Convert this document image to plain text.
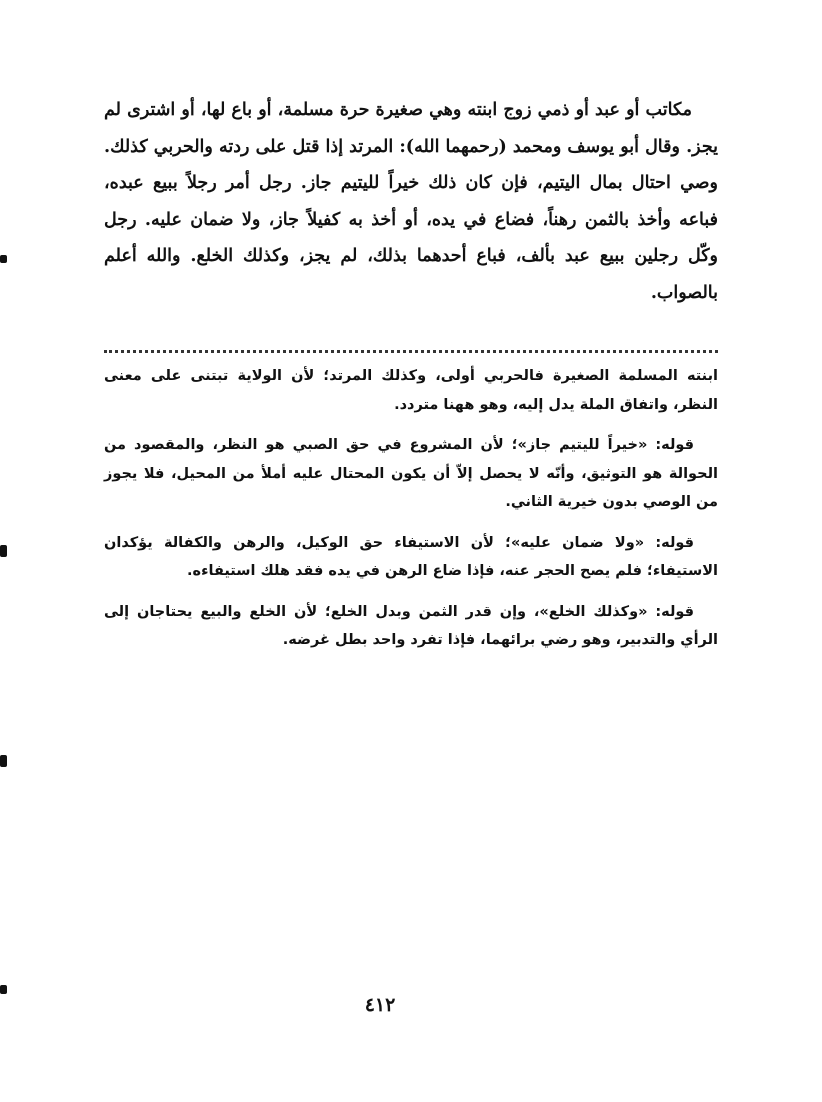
مكاتب أو عبد أو ذمي زوج ابنته وهي صغيرة حرة مسلمة، أو باع لها، أو اشترى لم يجز. وقال أبو يوسف ومحمد (رحمهما الله): المرتد إذا قتل على ردته والحربي كذلك. وصي احتال بمال اليتيم، فإن كان ذلك خيراً لليتيم جاز. رجل أمر رجلاً ببيع عبده، فباعه وأخذ بالثمن رهناً، فضاع في يده، أو أخذ به كفيلاً جاز، ولا ضمان عليه. رجل وكّل رجلين ببيع عبد بألف، فباع أحدهما بذلك، لم يجز، وكذلك الخلع. والله أعلم بالصواب.

ابنته المسلمة الصغيرة فالحربي أولى، وكذلك المرتد؛ لأن الولاية تبتنى على معنى النظر، واتفاق الملة يدل إليه، وهو ههنا متردد.

قوله: «خيراً لليتيم جاز»؛ لأن المشروع في حق الصبي هو النظر، والمقصود من الحوالة هو التوثيق، وأنّه لا يحصل إلاّ أن يكون المحتال عليه أملأ من المحيل، فلا يجوز من الوصي بدون خيرية الثاني.

قوله: «ولا ضمان عليه»؛ لأن الاستيفاء حق الوكيل، والرهن والكفالة يؤكدان الاستيفاء؛ فلم يصح الحجر عنه، فإذا ضاع الرهن في يده فقد هلك استيفاءه.

قوله: «وكذلك الخلع»، وإن قدر الثمن وبدل الخلع؛ لأن الخلع والبيع يحتاجان إلى الرأي والتدبير، وهو رضي برائهما، فإذا تفرد واحد بطل غرضه.

٤١٢
